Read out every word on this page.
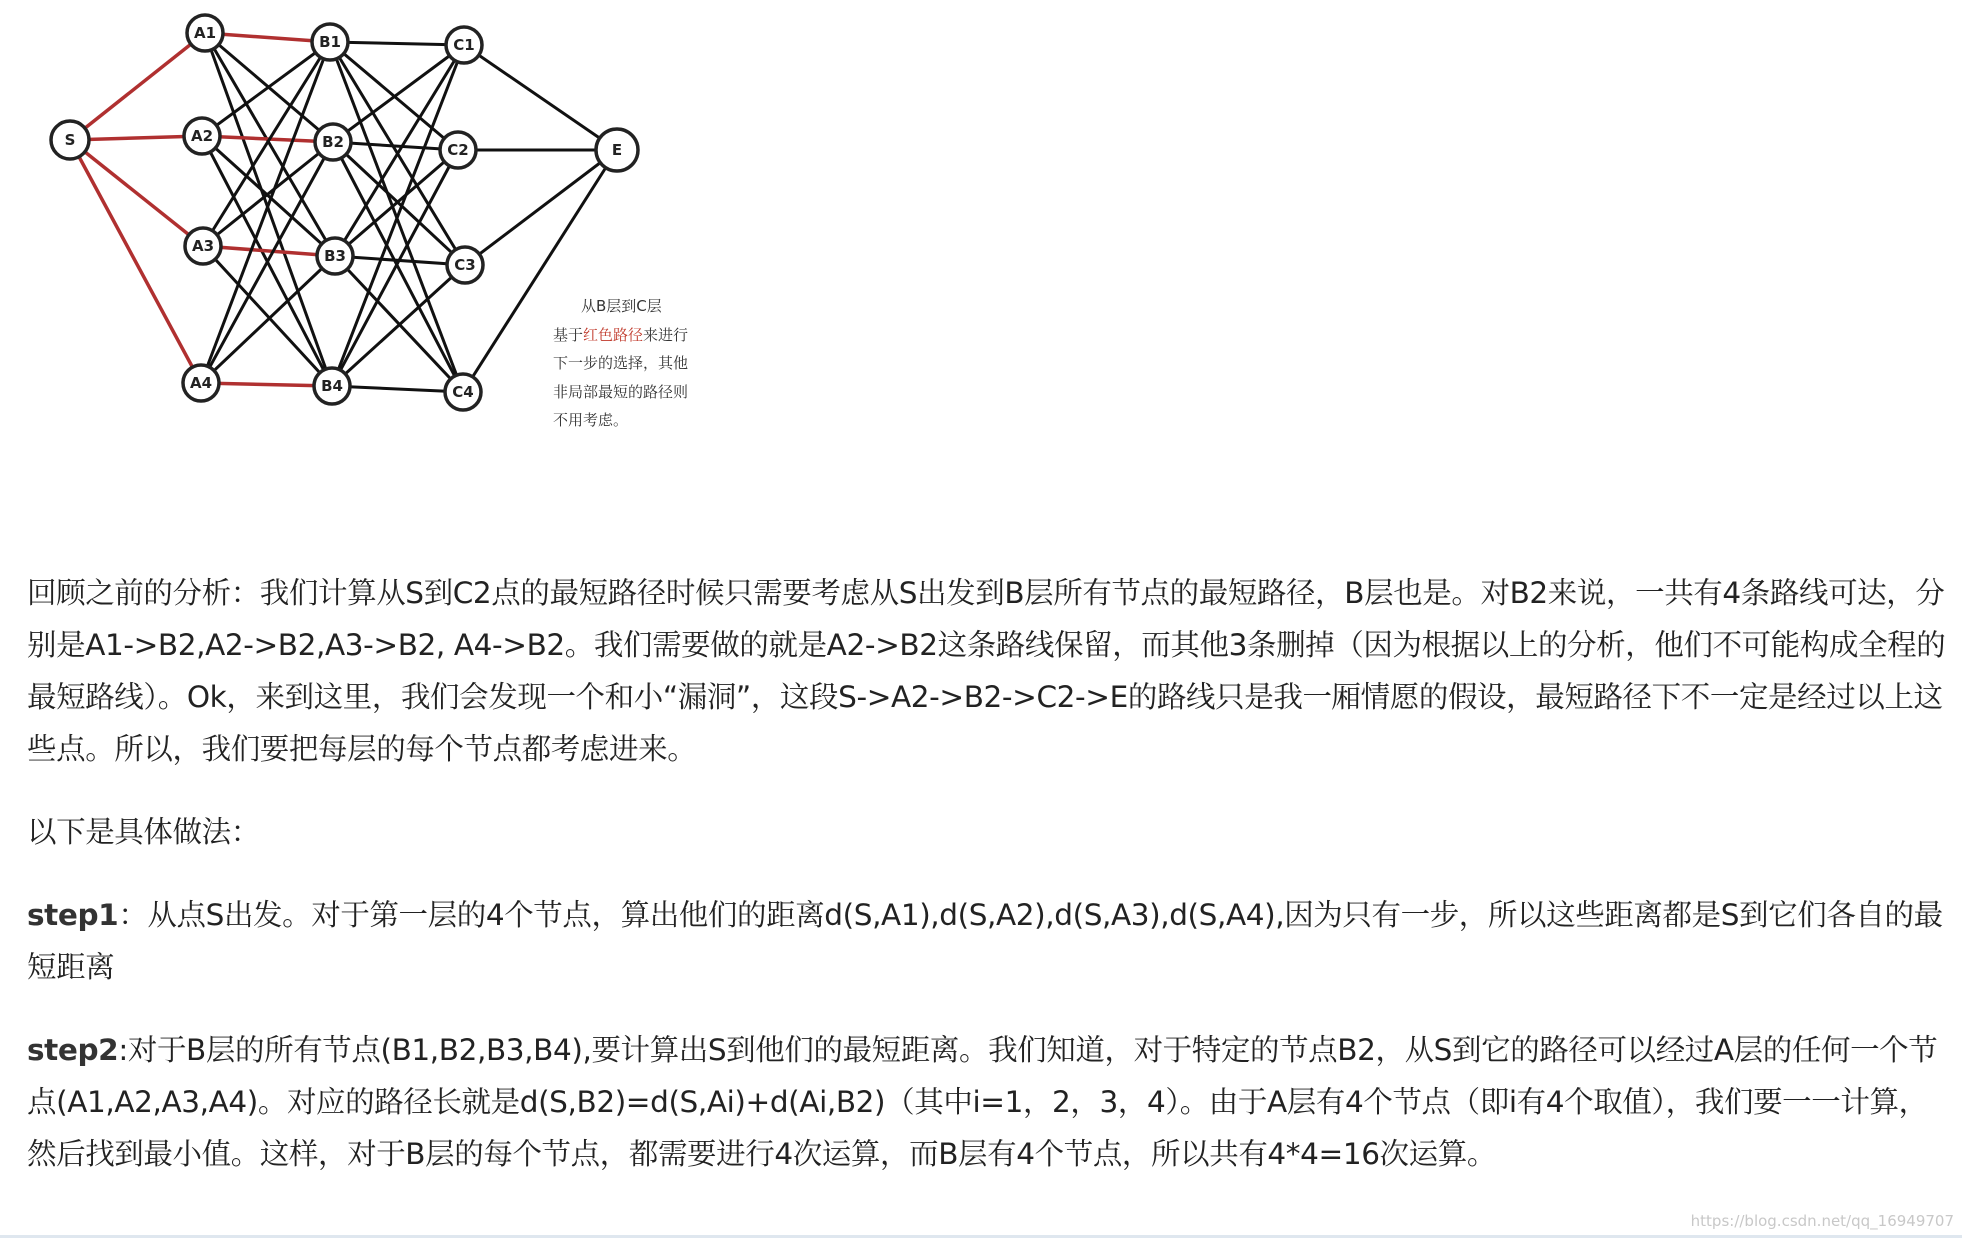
S
A1
A2
A3
A4
B1
B2
B3
B4
C1
C2
C3
C4
E
从B层到C层
基于红色路径来进行
下一步的选择，其他
非局部最短的路径则
不用考虑。

回顾之前的分析：我们计算从S到C2点的最短路径时候只需要考虑从S出发到B层所有节点的最短路径，B层也是。对B2来说，一共有4条路线可达，分别是A1->B2,A2->B2,A3->B2, A4->B2。我们需要做的就是A2->B2这条路线保留，而其他3条删掉（因为根据以上的分析，他们不可能构成全程的最短路线）。Ok，来到这里，我们会发现一个和小“漏洞”，这段S->A2->B2->C2->E的路线只是我一厢情愿的假设，最短路径下不一定是经过以上这些点。所以，我们要把每层的每个节点都考虑进来。

以下是具体做法：

step1：从点S出发。对于第一层的4个节点，算出他们的距离d(S,A1),d(S,A2),d(S,A3),d(S,A4),因为只有一步，所以这些距离都是S到它们各自的最短距离

step2:对于B层的所有节点(B1,B2,B3,B4),要计算出S到他们的最短距离。我们知道，对于特定的节点B2，从S到它的路径可以经过A层的任何一个节点(A1,A2,A3,A4)。对应的路径长就是d(S,B2)=d(S,Ai)+d(Ai,B2)（其中i=1，2，3，4）。由于A层有4个节点（即i有4个取值），我们要一一计算，然后找到最小值。这样，对于B层的每个节点，都需要进行4次运算，而B层有4个节点，所以共有4*4=16次运算。

https://blog.csdn.net/qq_16949707
